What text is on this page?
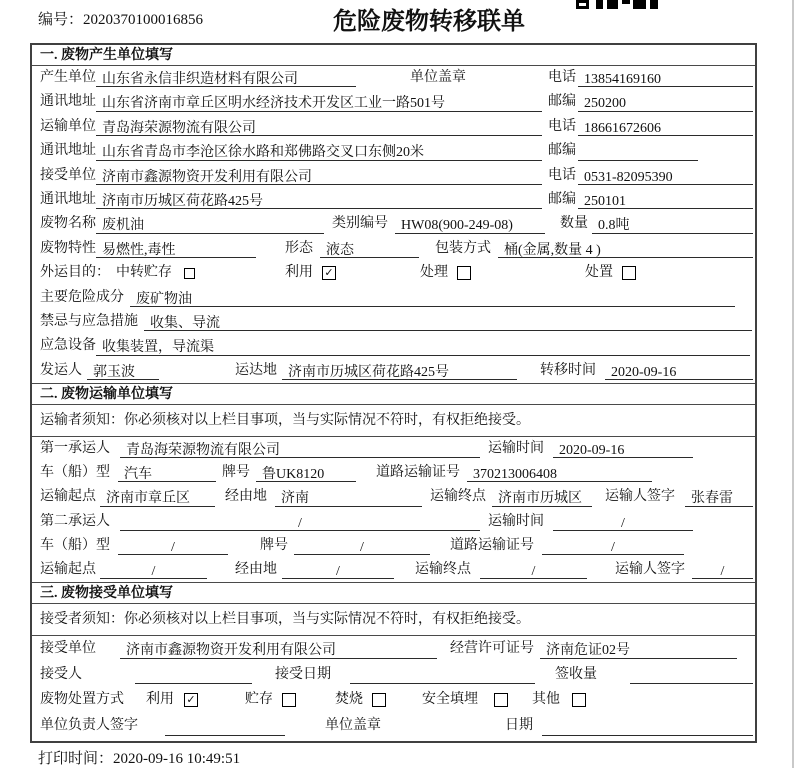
编号：2020370100016856	危险废物转移联单
一. 废物产生单位填写
产生单位 山东省永信非织造材料有限公司	单位盖章	电话 13854169160
通讯地址 山东省济南市章丘区明水经济技术开发区工业一路501号	邮编 250200
运输单位 青岛海荣源物流有限公司	电话 18661672606
通讯地址 山东省青岛市李沧区徐水路和郑佛路交叉口东侧20米	邮编
接受单位 济南市鑫源物资开发利用有限公司	电话 0531-82095390
通讯地址 济南市历城区荷花路425号	邮编 250101
废物名称 废机油	类别编号 HW08(900-249-08)	数量 0.8吨
废物特性 易燃性,毒性	形态 液态	包装方式 桶(金属,数量 4 )
外运目的： 中转贮存	利用 ✓	处理	处置
主要危险成分 废矿物油
禁忌与应急措施 收集、导流
应急设备 收集装置，导流渠
发运人 郭玉波	运达地 济南市历城区荷花路425号	转移时间	2020-09-16
二. 废物运输单位填写
运输者须知：你必须核对以上栏目事项，当与实际情况不符时，有权拒绝接受。
第一承运人	青岛海荣源物流有限公司	运输时间	2020-09-16
车（船）型	汽车	牌号 鲁UK8120	道路运输证号 370213006408
运输起点 济南市章丘区	经由地	济南	运输终点 济南市历城区	运输人签字	张春雷
第二承运人	/	运输时间	/
车（船）型	/	牌号	/	道路运输证号	/
运输起点	/	经由地	/	运输终点	/	运输人签字	/
三. 废物接受单位填写
接受者须知：你必须核对以上栏目事项，当与实际情况不符时，有权拒绝接受。
接受单位	济南市鑫源物资开发利用有限公司	经营许可证号 济南危证02号
接受人	接受日期	签收量
废物处置方式 利用 ✓	贮存	焚烧	安全填埋	其他
单位负责人签字	单位盖章	日期
打印时间：2020-09-16 10:49:51
